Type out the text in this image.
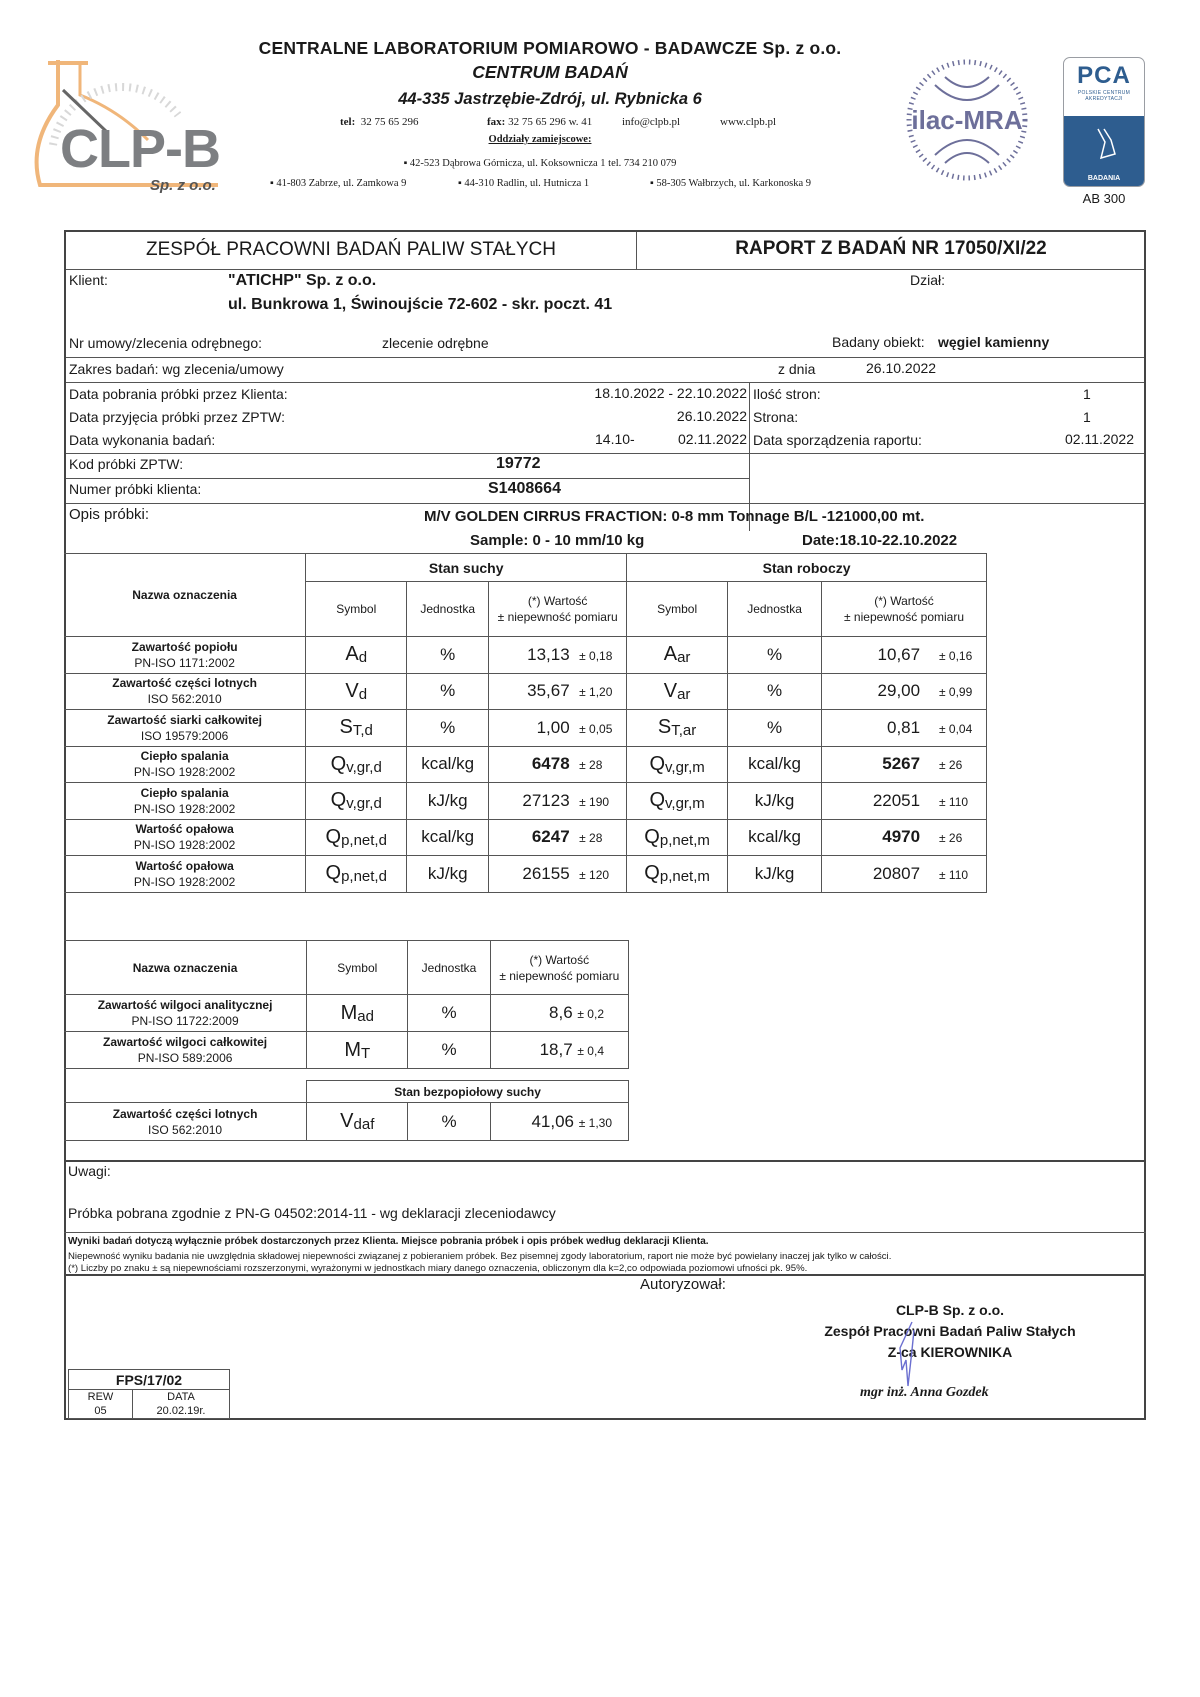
CLP-B
Sp. z o.o.
CENTRALNE LABORATORIUM POMIAROWO - BADAWCZE Sp. z o.o.
CENTRUM BADAŃ
44-335 Jastrzębie-Zdrój, ul. Rybnicka 6
tel: 32 75 65 296	fax: 32 75 65 296 w. 41	info@clpb.pl	www.clpb.pl
Oddziały zamiejscowe:
▪ 42-523 Dąbrowa Górnicza, ul. Koksownicza 1 tel. 734 210 079
▪ 41-803 Zabrze, ul. Zamkowa 9	▪ 44-310 Radlin, ul. Hutnicza 1	▪ 58-305 Wałbrzych, ul. Karkonoska 9
ilac-MRA
PCA
POLSKIE CENTRUM
AKREDYTACJI
BADANIA
AB 300
ZESPÓŁ PRACOWNI BADAŃ PALIW STAŁYCH	RAPORT Z BADAŃ NR 17050/XI/22
Klient:	"ATICHP" Sp. z o.o.
ul. Bunkrowa 1, Świnoujście 72-602 - skr. poczt. 41
Dział:
Nr umowy/zlecenia odrębnego:	zlecenie odrębne	Badany obiekt: węgiel kamienny
Zakres badań: wg zlecenia/umowy	z dnia	26.10.2022
Data pobrania próbki przez Klienta:	18.10.2022 - 22.10.2022
Data przyjęcia próbki przez ZPTW:	26.10.2022
Data wykonania badań:	14.10-	02.11.2022
Ilość stron:	1
Strona:	1
Data sporządzenia raportu:	02.11.2022
Kod próbki ZPTW:	19772
Numer próbki klienta:	S1408664
Opis próbki:	M/V GOLDEN CIRRUS FRACTION: 0-8 mm Tonnage B/L -121000,00 mt.
Sample: 0 - 10 mm/10 kg	Date:18.10-22.10.2022
Nazwa oznaczenia	Stan suchy			Stan roboczy		
Symbol	Jednostka	
(*) Wartość
± niepewność pomiaru
	Symbol	Jednostka	
(*) Wartość
± niepewność pomiaru

Zawartość popiołu
PN-ISO 1171:2002	$A_d$	%	13,13 ± 0,18	$A_{ar}$	%	10,67 ± 0,16

Zawartość części lotnych
ISO 562:2010	$V_d$	%	35,67 ± 1,20	$V_{ar}$	%	29,00 ± 0,99

Zawartość siarki całkowitej
ISO 19579:2006	$S_{T,d}$	%	1,00 ± 0,05	$S_{T,ar}$	%	0,81 ± 0,04

Ciepło spalania
PN-ISO 1928:2002	$Q_{v,gr,d}$	kcal/kg	6478 ± 28	$Q_{v,gr,m}$	kcal/kg	5267 ± 26

Ciepło spalania
PN-ISO 1928:2002	$Q_{v,gr,d}$	kJ/kg	27123 ± 190	$Q_{v,gr,m}$	kJ/kg	22051 ± 110

Wartość opałowa
PN-ISO 1928:2002	$Q_{p,net,d}$	kcal/kg	6247 ± 28	$Q_{p,net,m}$	kcal/kg	4970 ± 26

Wartość opałowa
PN-ISO 1928:2002	$Q_{p,net,d}$	kJ/kg	26155 ± 120	$Q_{p,net,m}$	kJ/kg	20807 ± 110
Nazwa oznaczenia	Symbol	Jednostka	(*) Wartość
± niepewność pomiaru

Zawartość wilgoci analitycznej
PN-ISO 11722:2009	$M_{ad}$	%	8,6 ± 0,2

Zawartość wilgoci całkowitej
PN-ISO 589:2006	$M_T$	%	18,7 ± 0,4
	Stan bezpopiołowy suchy		

Zawartość części lotnych
ISO 562:2010	$V_{daf}$	%	41,06 ± 1,30
Uwagi:
Próbka pobrana zgodnie z PN-G 04502:2014-11 - wg deklaracji zleceniodawcy
Wyniki badań dotyczą wyłącznie próbek dostarczonych przez Klienta. Miejsce pobrania próbek i opis próbek według deklaracji Klienta.
Niepewność wyniku badania nie uwzględnia składowej niepewności związanej z pobieraniem próbek. Bez pisemnej zgody laboratorium, raport nie może być powielany inaczej jak tylko w całości.
(*) Liczby po znaku ± są niepewnościami rozszerzonymi, wyrażonymi w jednostkach miary danego oznaczenia, obliczonym dla k=2,co odpowiada poziomowi ufności pk. 95%.
Autoryzował:
CLP-B Sp. z o.o.
Zespół Pracowni Badań Paliw Stałych
Z-ca KIEROWNIKA
mgr inż. Anna Gozdek
FPS/17/02

REW
05

DATA
20.02.19r.
